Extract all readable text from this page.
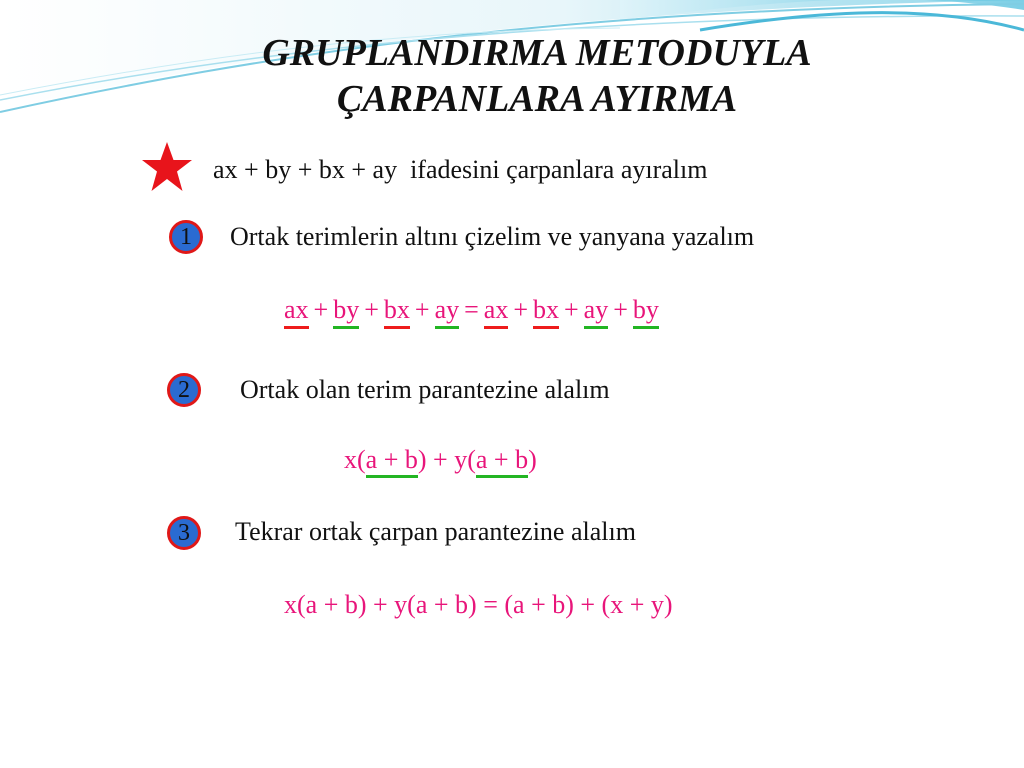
GRUPLANDIRMA METODUYLA
ÇARPANLARA AYIRMA
ax + by + bx + ay ifadesini çarpanlara ayıralım
1	Ortak terimlerin altını çizelim ve yanyana yazalım
ax + by + bx + ay = ax + bx + ay + by
2	Ortak olan terim parantezine alalım
x(a + b) + y(a + b)
3	Tekrar ortak çarpan parantezine alalım
x(a + b) + y(a + b) = (a + b) + (x + y)
